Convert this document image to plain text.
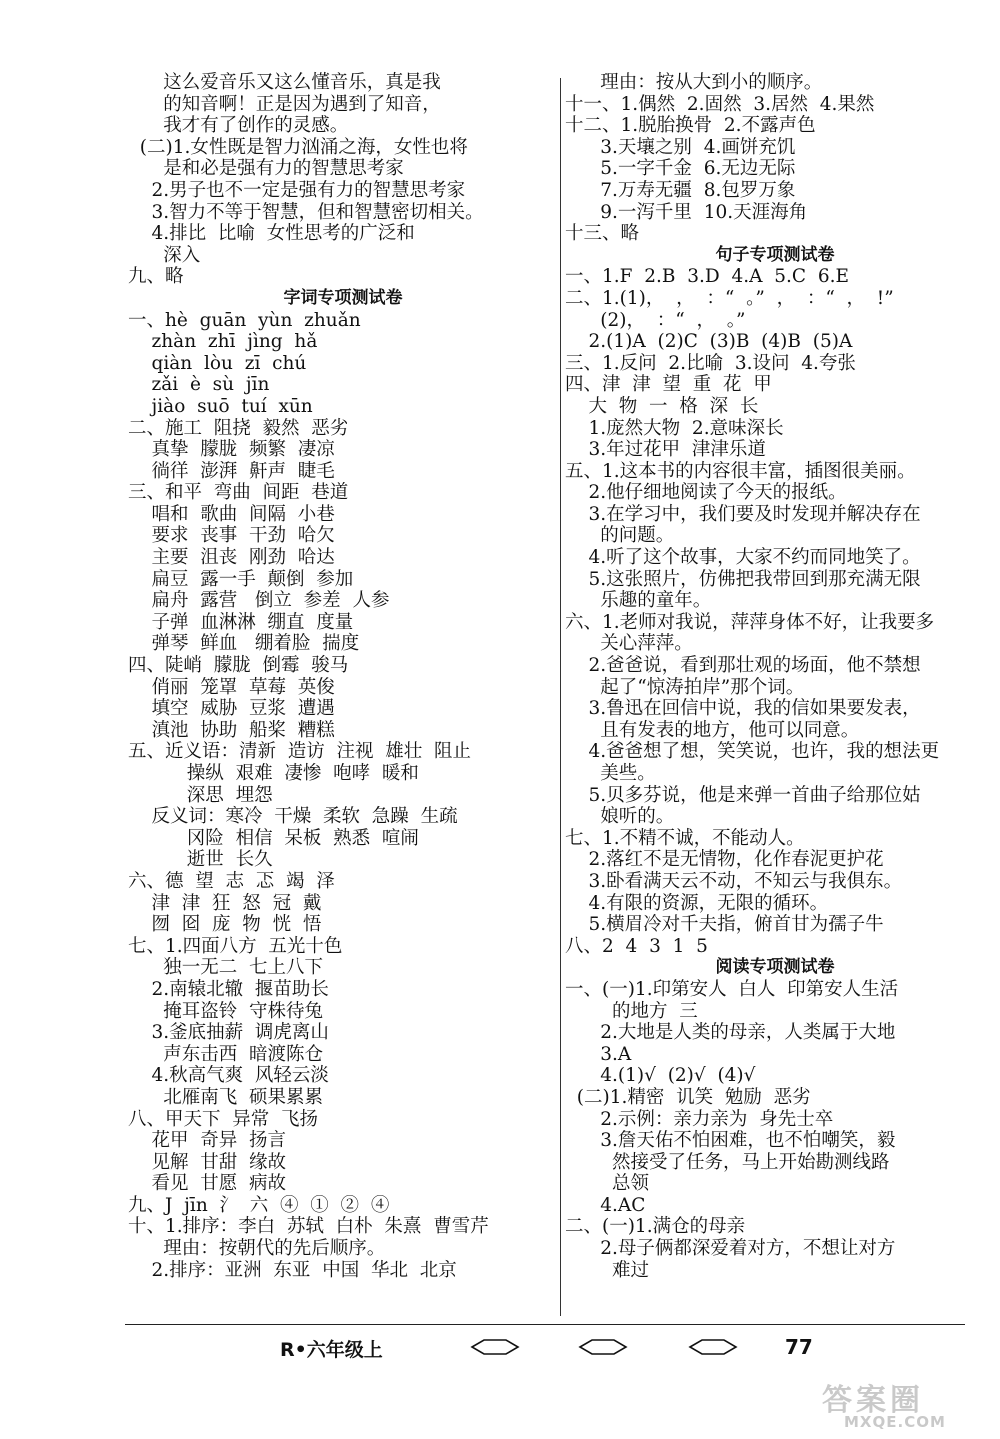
这么爱音乐又这么懂音乐，真是我
的知音啊！正是因为遇到了知音，
我才有了创作的灵感。
(二)1.女性既是智力汹涌之海，女性也将
是和必是强有力的智慧思考家
2.男子也不一定是强有力的智慧思考家
3.智力不等于智慧，但和智慧密切相关。
4.排比  比喻  女性思考的广泛和
深入
九、略
字词专项测试卷
一、hè  guān  yùn  zhuǎn
zhàn  zhī  jìng  hǎ
qiàn  lòu  zī  chú
zǎi  è  sù  jīn
jiào  suō  tuí  xūn
二、施工  阻挠  毅然  恶劣
真挚  朦胧  频繁  凄凉
徜徉  澎湃  鼾声  睫毛
三、和平  弯曲  间距  巷道
唱和  歌曲  间隔  小巷
要求  丧事  干劲  哈欠
主要  沮丧  刚劲  哈达
扁豆  露一手  颠倒  参加
扁舟  露营   倒立  参差  人参
子弹  血淋淋  绷直  度量
弹琴  鲜血   绷着脸  揣度
四、陡峭  朦胧  倒霉  骏马
俏丽  笼罩  草莓  英俊
填空  威胁  豆浆  遭遇
滇池  协助  船桨  糟糕
五、近义语：清新  造访  注视  雄壮  阻止
操纵  艰难  凄惨  咆哮  暖和
深思  埋怨
反义词：寒冷  干燥  柔软  急躁  生疏
冈险  相信  呆板  熟悉  喧闹
逝世  长久
六、德  望  志  忑  竭  泽
津  津  狂  怒  冠  戴
囫  囵  庞  物  恍  悟
七、1.四面八方  五光十色
独一无二  七上八下
2.南辕北辙  揠苗助长
掩耳盗铃  守株待兔
3.釜底抽薪  调虎离山
声东击西  暗渡陈仓
4.秋高气爽  风轻云淡
北雁南飞  硕果累累
八、甲天下  异常  飞扬
花甲  奇异  扬言
见解  甘甜  缘故
看见  甘愿  病故
九、J  jīn  氵  六  ④  ①  ②  ④
十、1.排序：李白  苏轼  白朴  朱熹  曹雪芹
理由：按朝代的先后顺序。
2.排序：亚洲  东亚  中国  华北  北京
理由：按从大到小的顺序。
十一、1.偶然  2.固然  3.居然  4.果然
十二、1.脱胎换骨  2.不露声色
3.天壤之别  4.画饼充饥
5.一字千金  6.无边无际
7.万寿无疆  8.包罗万象
9.一泻千里  10.天涯海角
十三、略
句子专项测试卷
一、1.F  2.B  3.D  4.A  5.C  6.E
二、1.(1)，  ，  ：“  。”  ，  ：“  ，  !”
(2)，  ：“  ，  。”
2.(1)A  (2)C  (3)B  (4)B  (5)A
三、1.反问  2.比喻  3.设问  4.夸张
四、津  津  望  重  花  甲
大  物  一  格  深  长
1.庞然大物  2.意味深长
3.年过花甲  津津乐道
五、1.这本书的内容很丰富，插图很美丽。
2.他仔细地阅读了今天的报纸。
3.在学习中，我们要及时发现并解决存在
的问题。
4.听了这个故事，大家不约而同地笑了。
5.这张照片，仿佛把我带回到那充满无限
乐趣的童年。
六、1.老师对我说，萍萍身体不好，让我要多
关心萍萍。
2.爸爸说，看到那壮观的场面，他不禁想
起了“惊涛拍岸”那个词。
3.鲁迅在回信中说，我的信如果要发表，
且有发表的地方，他可以同意。
4.爸爸想了想，笑笑说，也许，我的想法更
美些。
5.贝多芬说，他是来弹一首曲子给那位姑
娘听的。
七、1.不精不诚，不能动人。
2.落红不是无情物，化作春泥更护花
3.卧看满天云不动，不知云与我俱东。
4.有限的资源，无限的循环。
5.横眉冷对千夫指，俯首甘为孺子牛
八、2  4  3  1  5
阅读专项测试卷
一、(一)1.印第安人  白人  印第安人生活
的地方  三
2.大地是人类的母亲，人类属于大地
3.A
4.(1)√  (2)√  (4)√
(二)1.精密  讥笑  勉励  恶劣
2.示例：亲力亲为  身先士卒
3.詹天佑不怕困难，也不怕嘲笑，毅
然接受了任务，马上开始勘测线路
总领
4.AC
二、(一)1.满仓的母亲
2.母子俩都深爱着对方，不想让对方
难过
R•六年级上	77
答案圈
MXQE.COM
